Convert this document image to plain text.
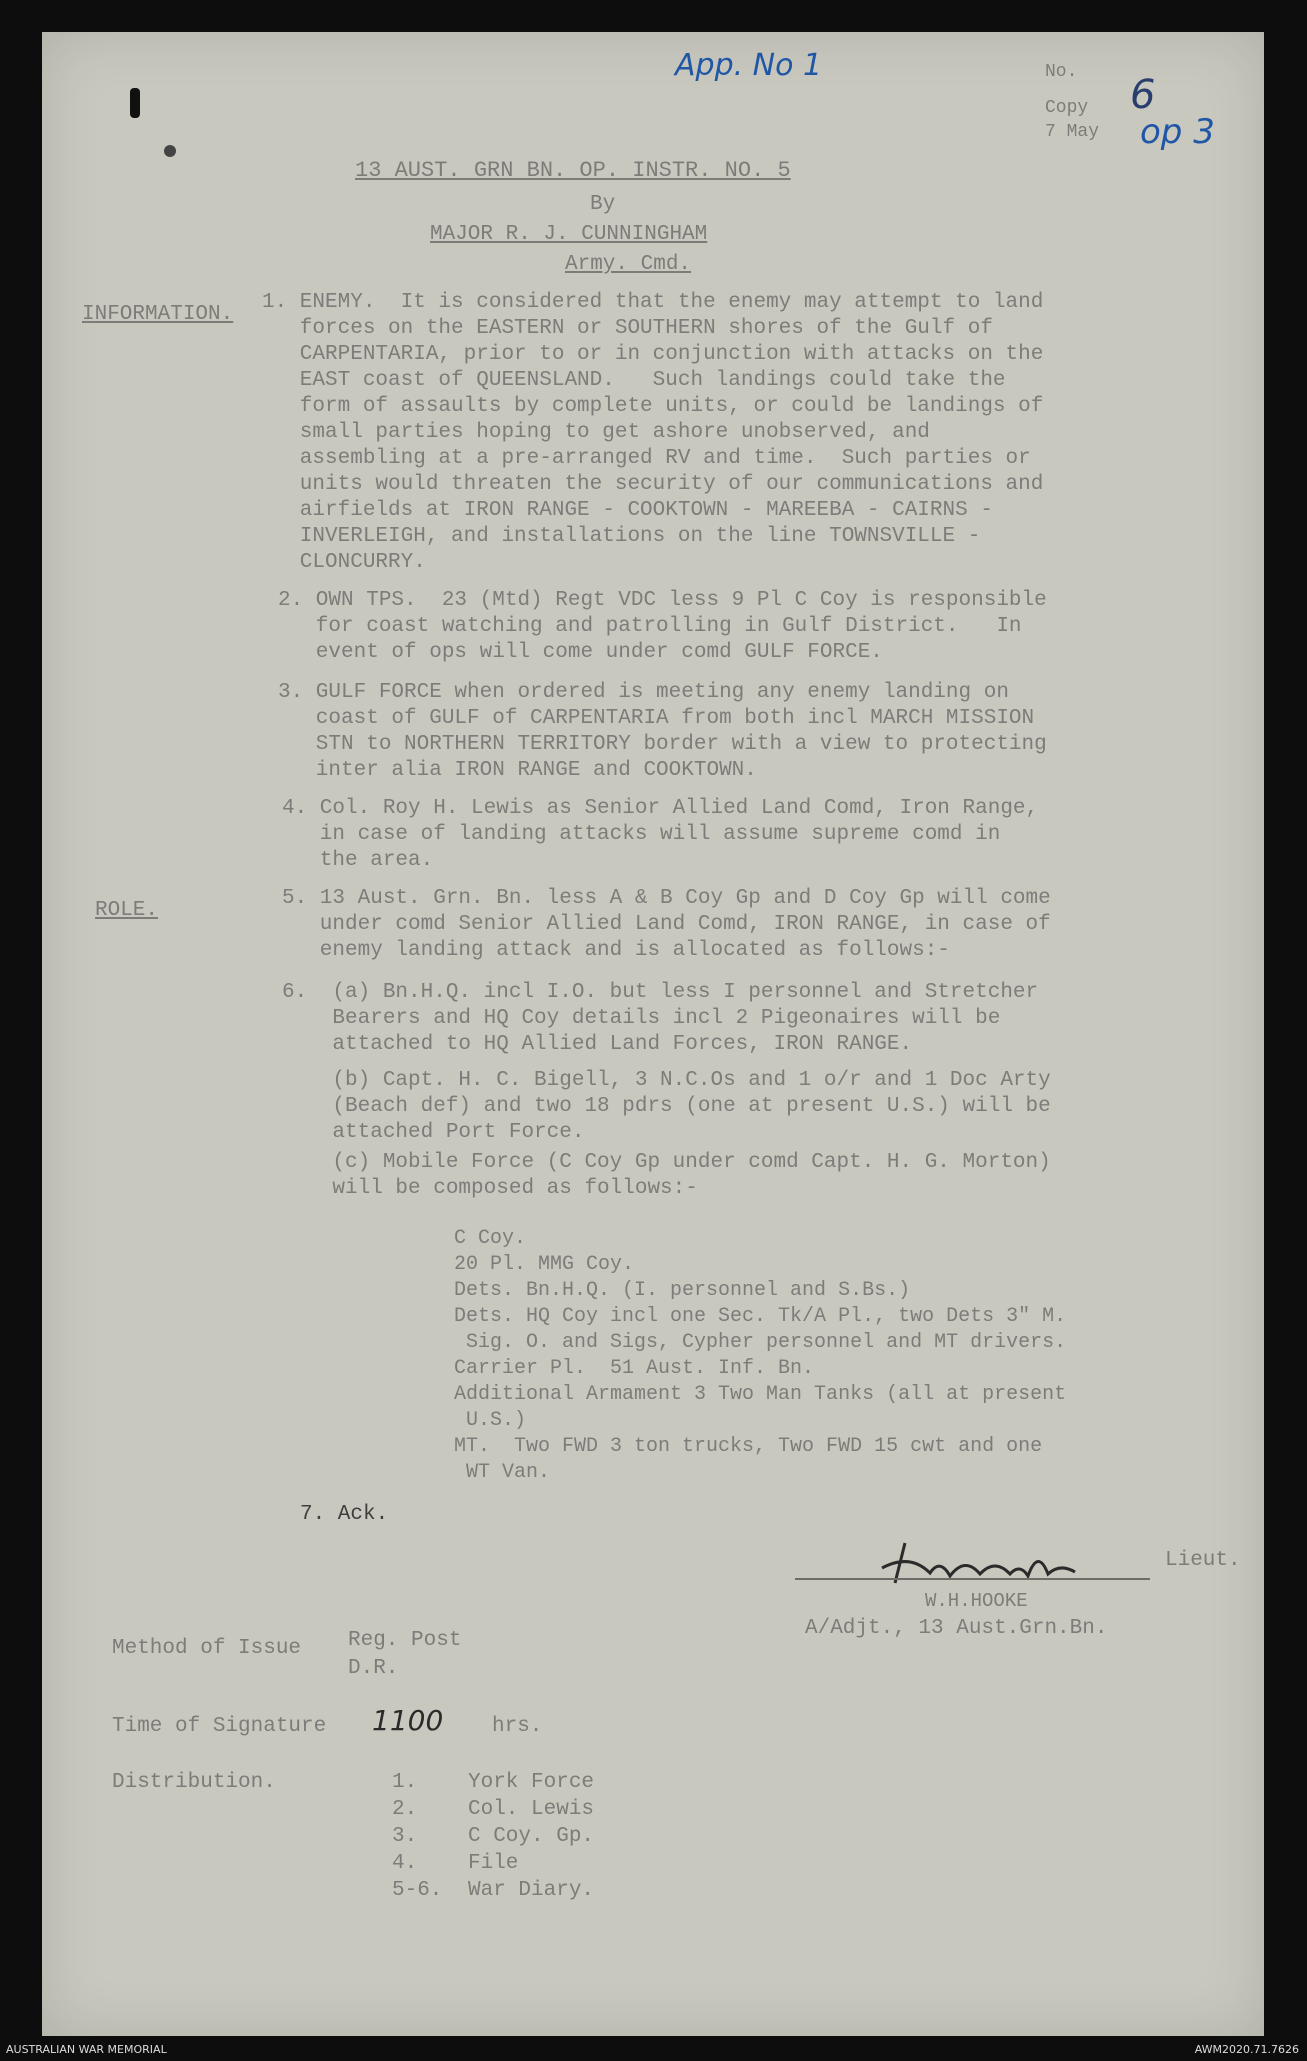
App. No 1
6
op 3
No.
Copy
7 May
13 AUST. GRN BN. OP. INSTR. NO. 5
By
MAJOR R. J. CUNNINGHAM
Army. Cmd.
INFORMATION.
ROLE.
1. ENEMY.  It is considered that the enemy may attempt to land
forces on the EASTERN or SOUTHERN shores of the Gulf of
CARPENTARIA, prior to or in conjunction with attacks on the
EAST coast of QUEENSLAND.   Such landings could take the
form of assaults by complete units, or could be landings of
small parties hoping to get ashore unobserved, and
assembling at a pre-arranged RV and time.  Such parties or
units would threaten the security of our communications and
airfields at IRON RANGE - COOKTOWN - MAREEBA - CAIRNS -
INVERLEIGH, and installations on the line TOWNSVILLE -
CLONCURRY.
2. OWN TPS.  23 (Mtd) Regt VDC less 9 Pl C Coy is responsible
for coast watching and patrolling in Gulf District.   In
event of ops will come under comd GULF FORCE.
3. GULF FORCE when ordered is meeting any enemy landing on
coast of GULF of CARPENTARIA from both incl MARCH MISSION
STN to NORTHERN TERRITORY border with a view to protecting
inter alia IRON RANGE and COOKTOWN.
4. Col. Roy H. Lewis as Senior Allied Land Comd, Iron Range,
in case of landing attacks will assume supreme comd in
the area.
5. 13 Aust. Grn. Bn. less A & B Coy Gp and D Coy Gp will come
under comd Senior Allied Land Comd, IRON RANGE, in case of
enemy landing attack and is allocated as follows:-
6.  (a) Bn.H.Q. incl I.O. but less I personnel and Stretcher
Bearers and HQ Coy details incl 2 Pigeonaires will be
attached to HQ Allied Land Forces, IRON RANGE.
(b) Capt. H. C. Bigell, 3 N.C.Os and 1 o/r and 1 Doc Arty
(Beach def) and two 18 pdrs (one at present U.S.) will be
attached Port Force.
(c) Mobile Force (C Coy Gp under comd Capt. H. G. Morton)
will be composed as follows:-
C Coy.
20 Pl. MMG Coy.
Dets. Bn.H.Q. (I. personnel and S.Bs.)
Dets. HQ Coy incl one Sec. Tk/A Pl., two Dets 3" M.
Sig. O. and Sigs, Cypher personnel and MT drivers.
Carrier Pl.  51 Aust. Inf. Bn.
Additional Armament 3 Two Man Tanks (all at present
U.S.)
MT.  Two FWD 3 ton trucks, Two FWD 15 cwt and one
WT Van.
7. Ack.
Lieut.
W.H.HOOKE
A/Adjt., 13 Aust.Grn.Bn.
Method of Issue Reg. Post
D.R.
Time of Signature 1100 hrs.
Distribution.	1. York Force
2. Col. Lewis
3. C Coy. Gp.
4. File
5-6. War Diary.
AUSTRALIAN WAR MEMORIAL	AWM2020.71.7626
